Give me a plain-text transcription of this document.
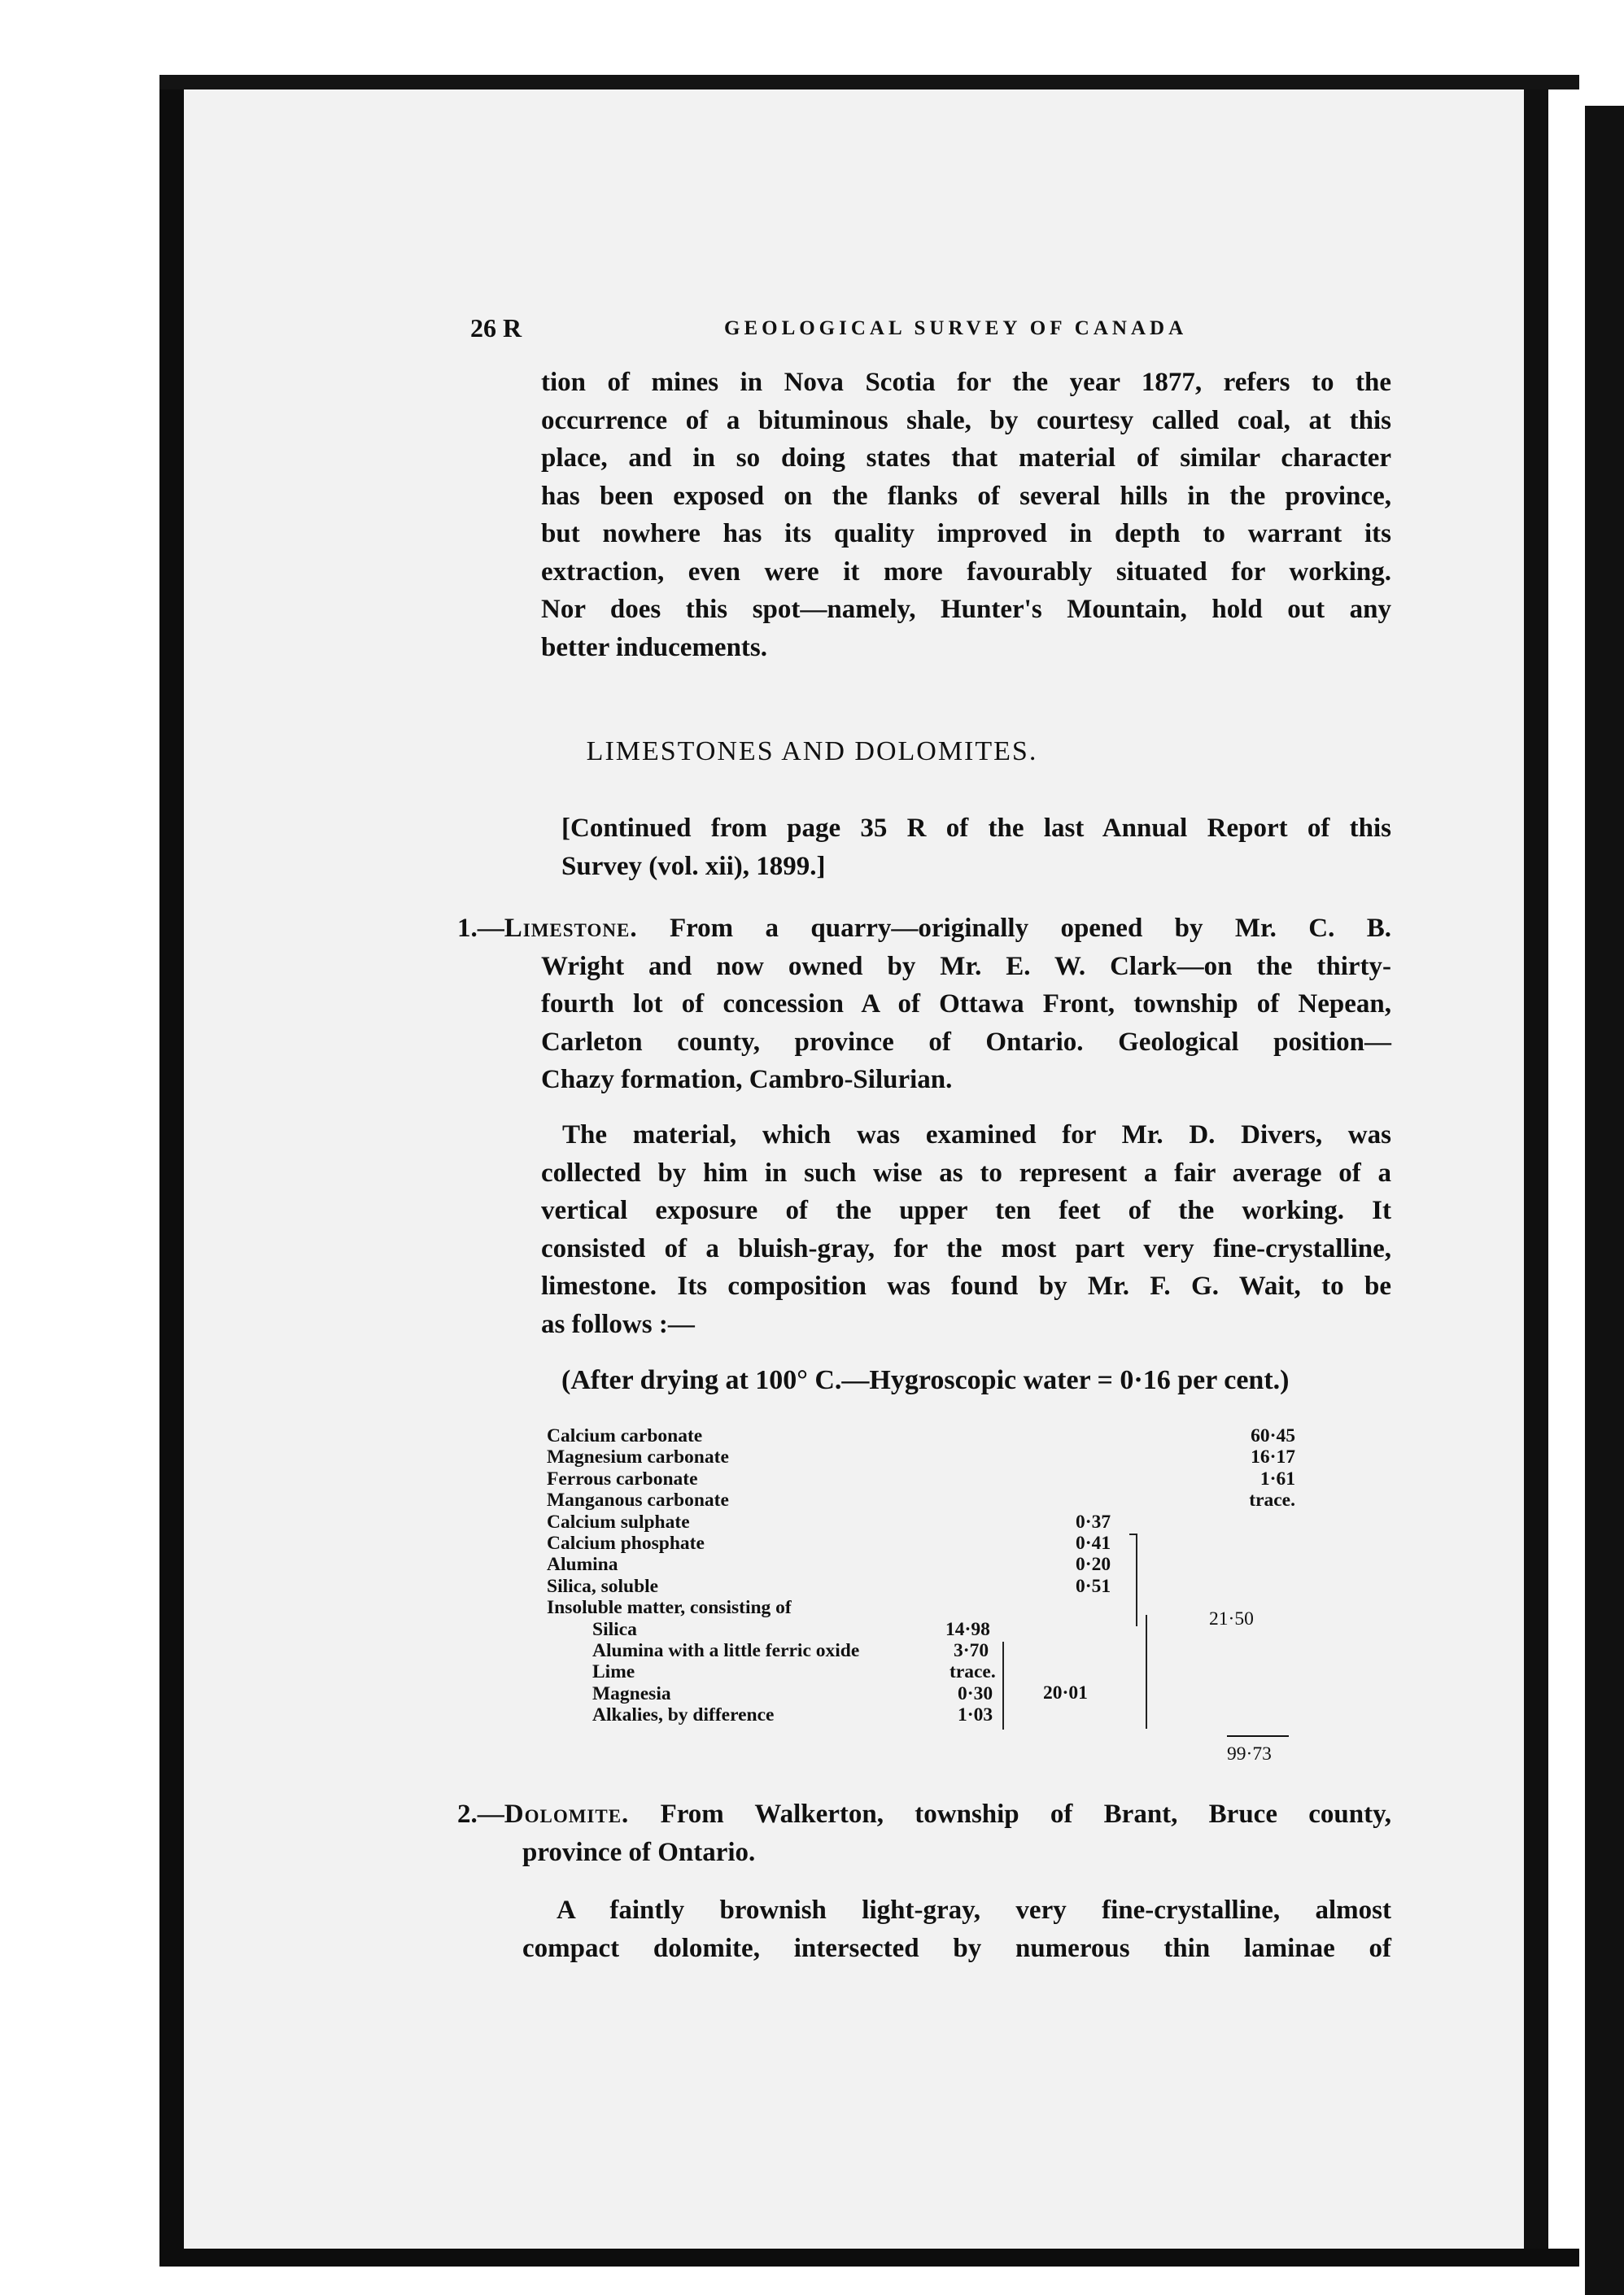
26 R	GEOLOGICAL SURVEY OF CANADA
tion of mines in Nova Scotia for the year 1877, refers to the
occurrence of a bituminous shale, by courtesy called coal, at this
place, and in so doing states that material of similar character
has been exposed on the flanks of several hills in the province,
but nowhere has its quality improved in depth to warrant its
extraction, even were it more favourably situated for working.
Nor does this spot—namely, Hunter's Mountain, hold out any
better inducements.
LIMESTONES AND DOLOMITES.
[Continued from page 35 R of the last Annual Report of this
Survey (vol. xii), 1899.]
1.—Limestone. From a quarry—originally opened by Mr. C. B.
Wright and now owned by Mr. E. W. Clark—on the thirty-
fourth lot of concession A of Ottawa Front, township of Nepean,
Carleton county, province of Ontario. Geological position—
Chazy formation, Cambro-Silurian.
The material, which was examined for Mr. D. Divers, was
collected by him in such wise as to represent a fair average of a
vertical exposure of the upper ten feet of the working. It
consisted of a bluish-gray, for the most part very fine-crystalline,
limestone. Its composition was found by Mr. F. G. Wait, to be
as follows :—
(After drying at 100° C.—Hygroscopic water = 0·16 per cent.)
Calcium carbonate	60·45
Magnesium carbonate	16·17
Ferrous carbonate	1·61
Manganous carbonate	trace.
Calcium sulphate	0·37
Calcium phosphate	0·41
Alumina	0·20
Silica, soluble	0·51
Insoluble matter, consisting of
Silica	14·98
Alumina with a little ferric oxide	3·70
Lime	trace.
Magnesia	0·30
Alkalies, by difference	1·03
20·01
21·50
99·73
2.—Dolomite. From Walkerton, township of Brant, Bruce county,
province of Ontario.
A faintly brownish light-gray, very fine-crystalline, almost
compact dolomite, intersected by numerous thin laminae of
